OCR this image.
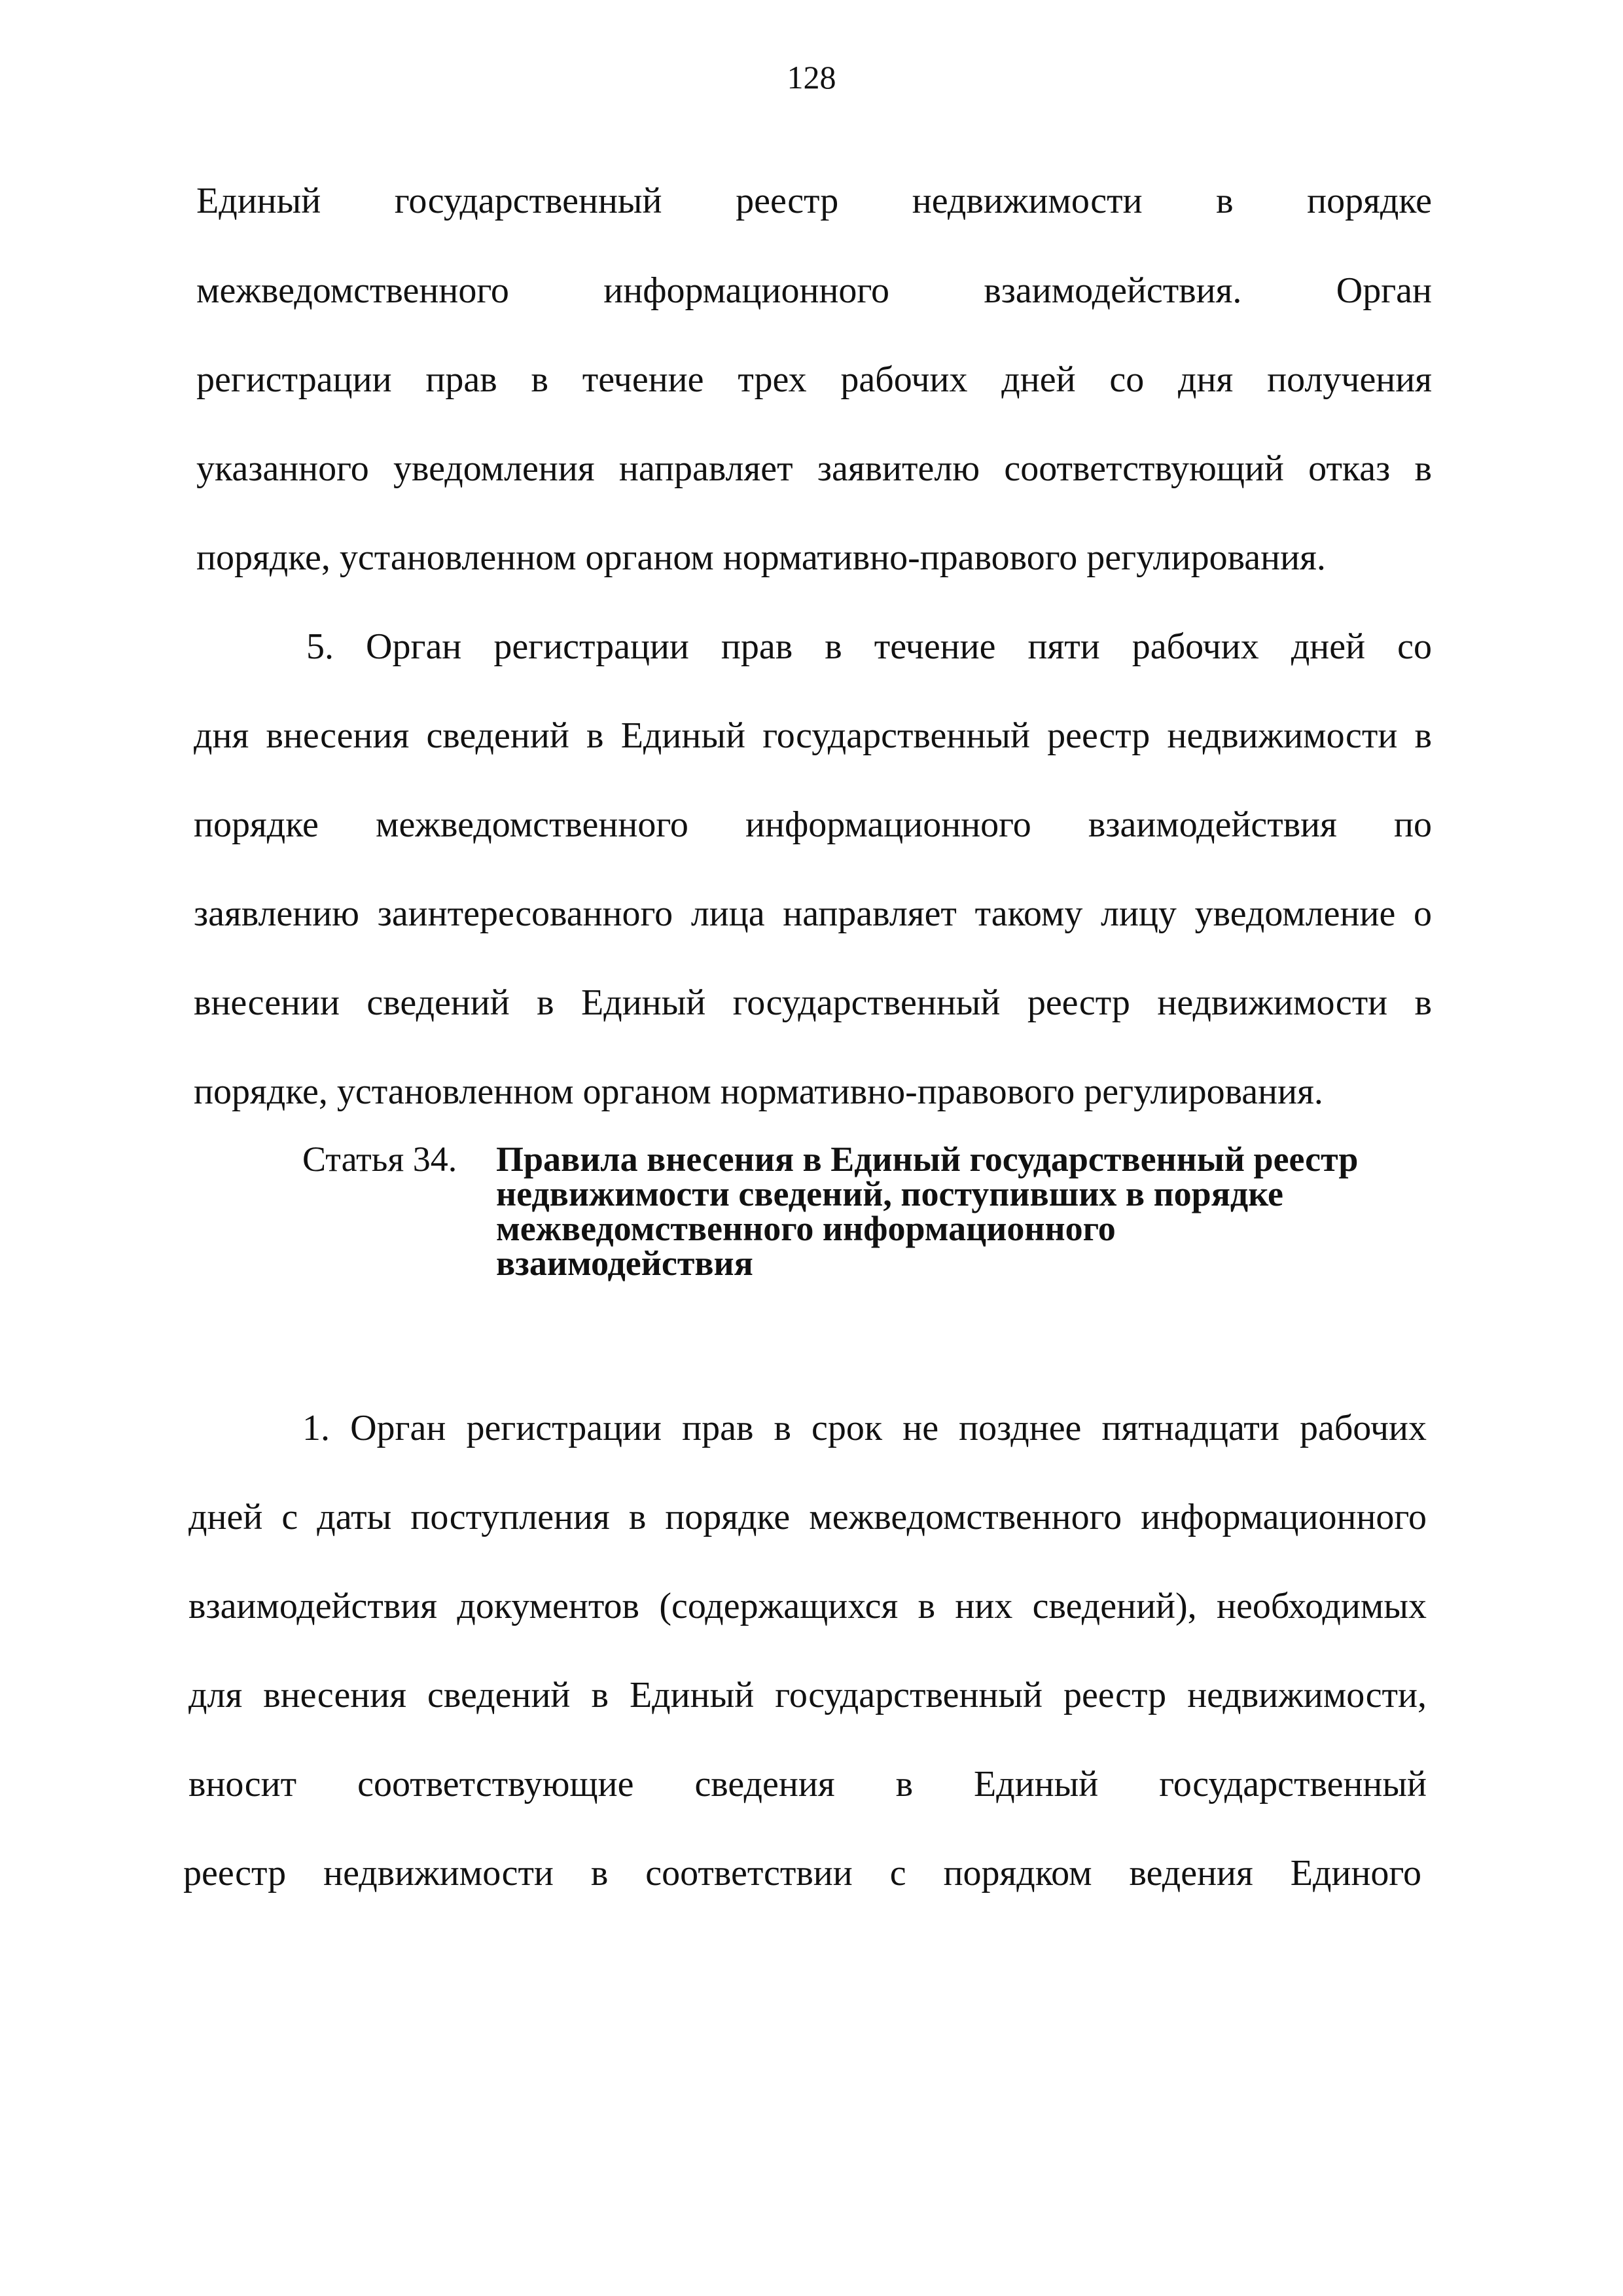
128
Единый государственный реестр недвижимости в порядке
межведомственного информационного взаимодействия. Орган
регистрации прав в течение трех рабочих дней со дня получения
указанного уведомления направляет заявителю соответствующий отказ в
порядке, установленном органом нормативно-правового регулирования.
5. Орган регистрации прав в течение пяти рабочих дней со
дня внесения сведений в Единый государственный реестр недвижимости в
порядке межведомственного информационного взаимодействия по
заявлению заинтересованного лица направляет такому лицу уведомление о
внесении сведений в Единый государственный реестр недвижимости в
порядке, установленном органом нормативно-правового регулирования.
Статья 34. Правила внесения в Единый государственный реестр
недвижимости сведений, поступивших в порядке
межведомственного информационного
взаимодействия
1. Орган регистрации прав в срок не позднее пятнадцати рабочих
дней с даты поступления в порядке межведомственного информационного
взаимодействия документов (содержащихся в них сведений), необходимых
для внесения сведений в Единый государственный реестр недвижимости,
вносит соответствующие сведения в Единый государственный
реестр недвижимости в соответствии с порядком ведения Единого
